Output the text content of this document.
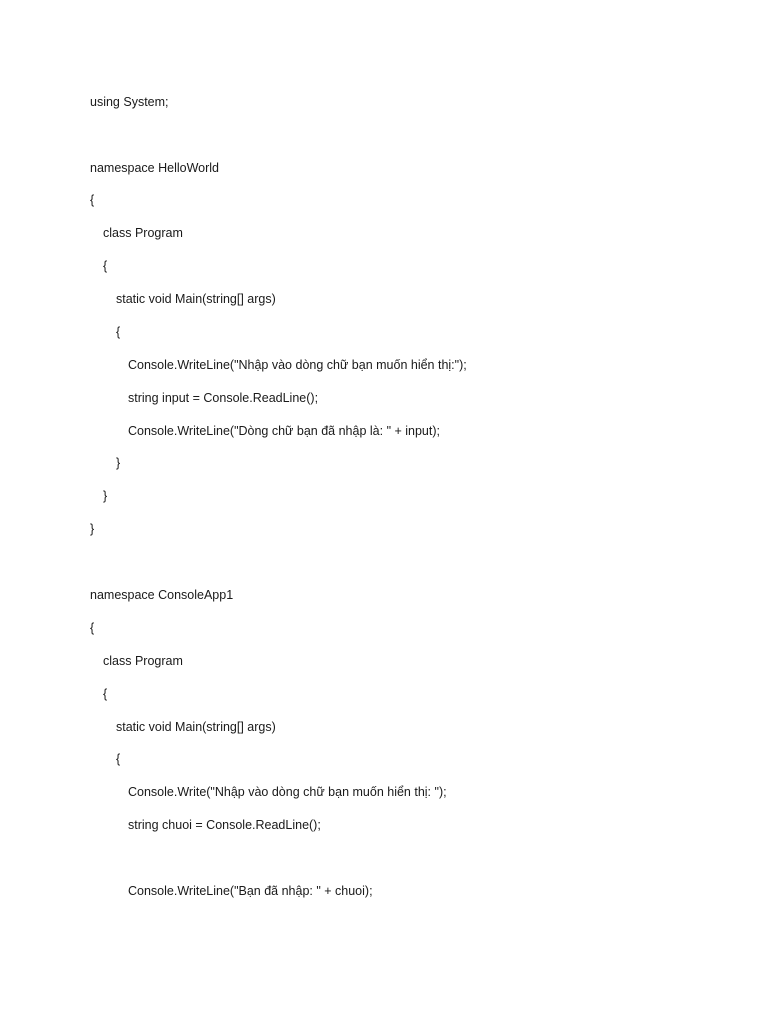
using System;
namespace HelloWorld
{
class Program
{
static void Main(string[] args)
{
Console.WriteLine("Nhập vào dòng chữ bạn muốn hiển thị:");
string input = Console.ReadLine();
Console.WriteLine("Dòng chữ bạn đã nhập là: " + input);
}
}
}
namespace ConsoleApp1
{
class Program
{
static void Main(string[] args)
{
Console.Write("Nhập vào dòng chữ bạn muốn hiển thị: ");
string chuoi = Console.ReadLine();
Console.WriteLine("Bạn đã nhập: " + chuoi);
